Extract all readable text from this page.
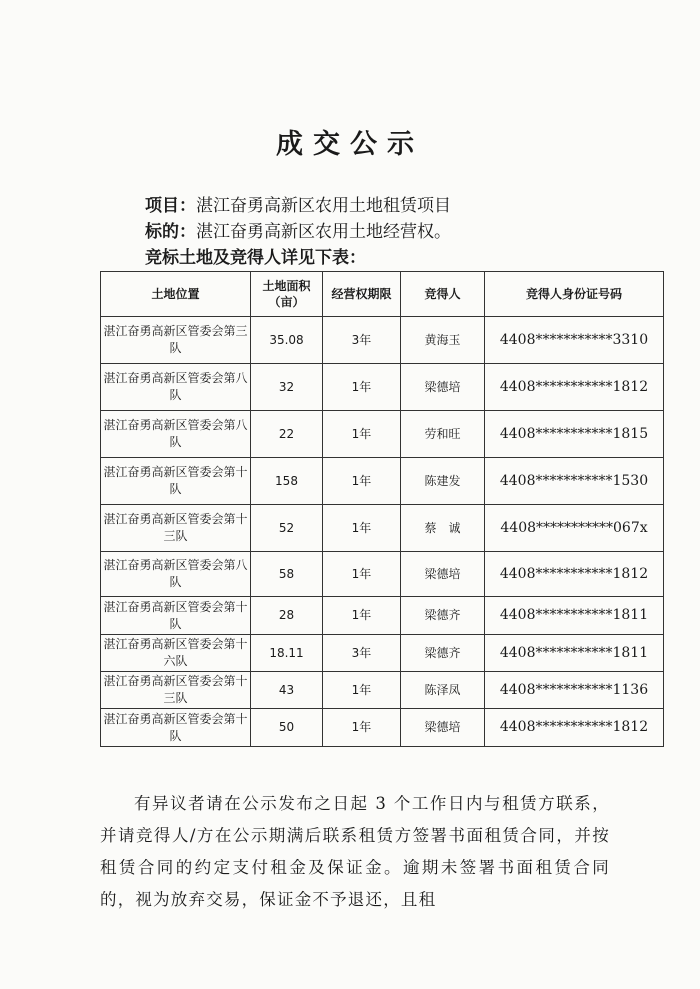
成交公示
项目：湛江奋勇高新区农用土地租赁项目
标的：湛江奋勇高新区农用土地经营权。
竞标土地及竞得人详见下表：
土地位置	土地面积（亩）	经营权期限	竞得人	竞得人身份证号码
湛江奋勇高新区管委会第三队	35.08	3年	黄海玉	4408***********3310
湛江奋勇高新区管委会第八队	32	1年	梁德培	4408***********1812
湛江奋勇高新区管委会第八队	22	1年	劳和旺	4408***********1815
湛江奋勇高新区管委会第十队	158	1年	陈建发	4408***********1530
湛江奋勇高新区管委会第十三队	52	1年	蔡　诚	4408***********067x
湛江奋勇高新区管委会第八队	58	1年	梁德培	4408***********1812
湛江奋勇高新区管委会第十队	28	1年	梁德齐	4408***********1811
湛江奋勇高新区管委会第十六队	18.11	3年	梁德齐	4408***********1811
湛江奋勇高新区管委会第十三队	43	1年	陈泽凤	4408***********1136
湛江奋勇高新区管委会第十队	50	1年	梁德培	4408***********1812
有异议者请在公示发布之日起 3 个工作日内与租赁方联系，并请竞得人/方在公示期满后联系租赁方签署书面租赁合同，并按租赁合同的约定支付租金及保证金。逾期未签署书面租赁合同的，视为放弃交易，保证金不予退还，且租
